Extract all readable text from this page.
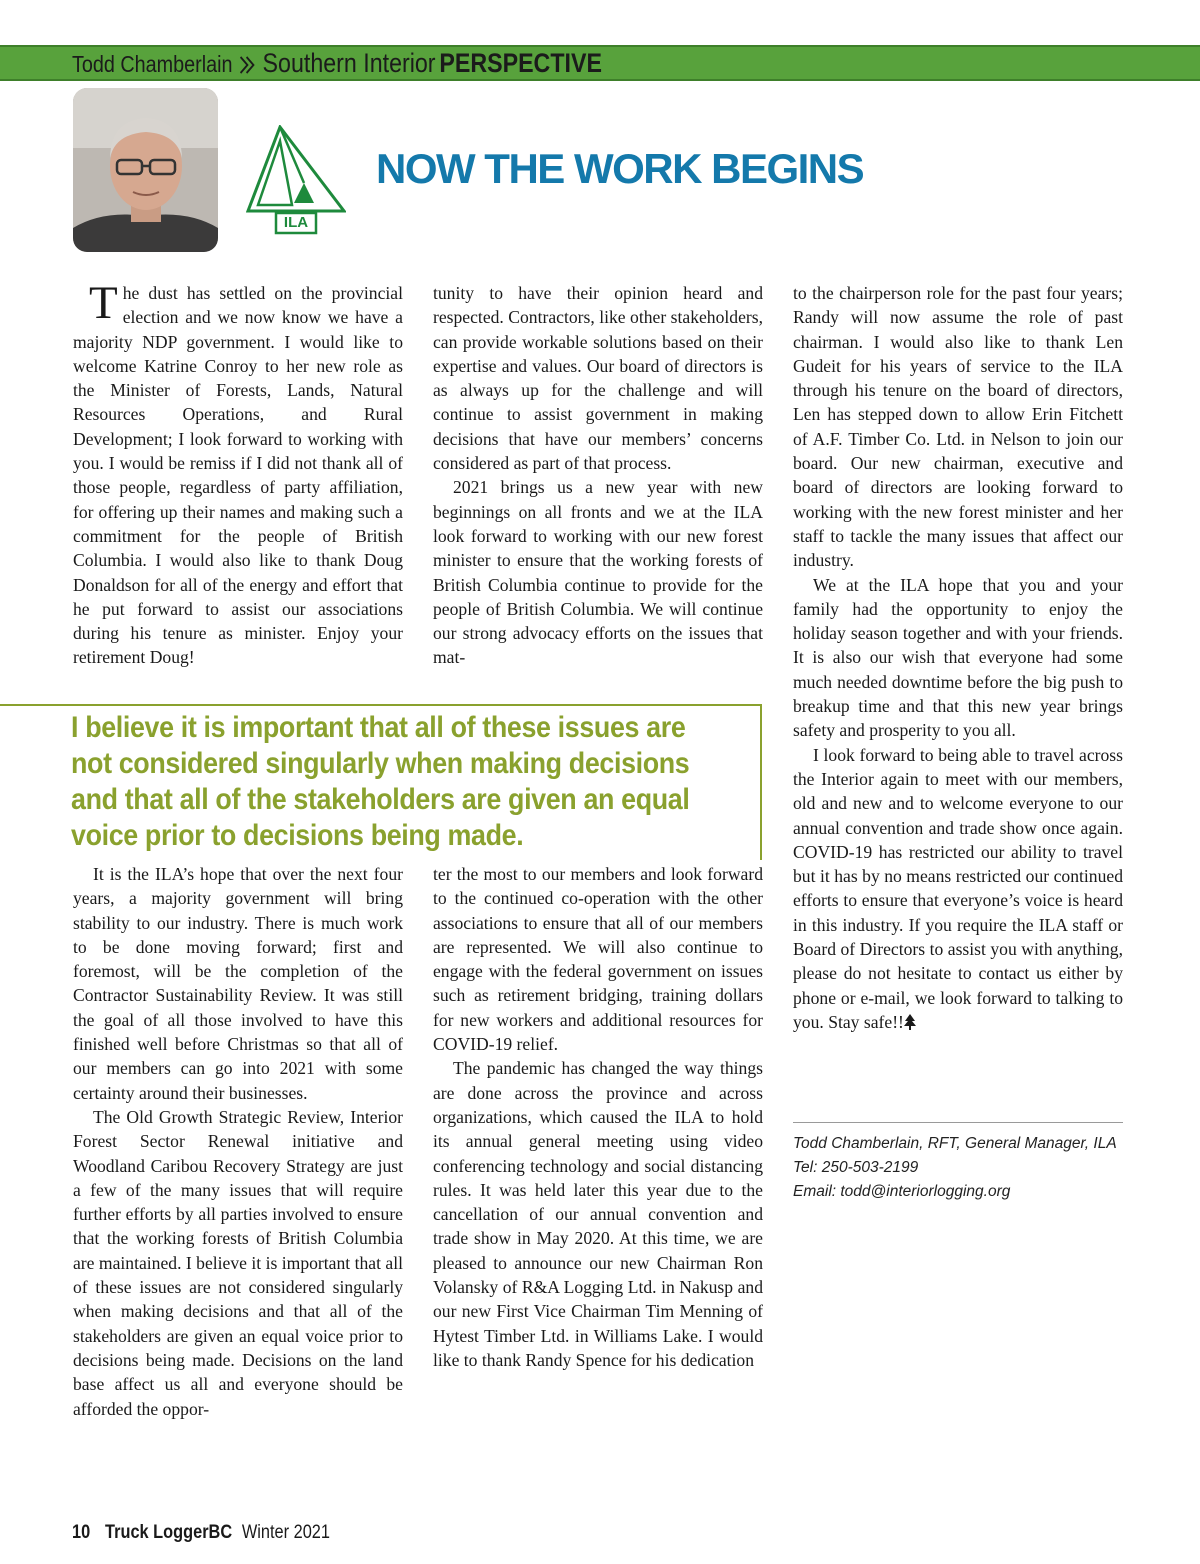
Todd Chamberlain Southern Interior PERSPECTIVE
ILA
NOW THE WORK BEGINS

The dust has settled on the provincial election and we now know we have a majority NDP government. I would like to welcome Katrine Conroy to her new role as the Minister of Forests, Lands, Natural Resources Operations, and Rural Development; I look forward to working with you. I would be remiss if I did not thank all of those people, regardless of party affiliation, for offering up their names and making such a commitment for the people of British Columbia. I would also like to thank Doug Donaldson for all of the energy and effort that he put forward to assist our associations during his tenure as minister. Enjoy your retirement Doug!

tunity to have their opinion heard and respected. Contractors, like other stakeholders, can provide workable solutions based on their expertise and values. Our board of directors is as always up for the challenge and will continue to assist government in making decisions that have our members’ concerns considered as part of that process.

2021 brings us a new year with new beginnings on all fronts and we at the ILA look forward to working with our new forest minister to ensure that the working forests of British Columbia continue to provide for the people of British Columbia. We will continue our strong advocacy efforts on the issues that mat-

I believe it is important that all of these issues are not considered singularly when making decisions and that all of the stakeholders are given an equal voice prior to decisions being made.

It is the ILA’s hope that over the next four years, a majority government will bring stability to our industry. There is much work to be done moving forward; first and foremost, will be the completion of the Contractor Sustainability Review. It was still the goal of all those involved to have this finished well before Christmas so that all of our members can go into 2021 with some certainty around their businesses.

The Old Growth Strategic Review, Interior Forest Sector Renewal initiative and Woodland Caribou Recovery Strategy are just a few of the many issues that will require further efforts by all parties involved to ensure that the working forests of British Columbia are maintained. I believe it is important that all of these issues are not considered singularly when making decisions and that all of the stakeholders are given an equal voice prior to decisions being made. Decisions on the land base affect us all and everyone should be afforded the oppor-

ter the most to our members and look forward to the continued co-operation with the other associations to ensure that all of our members are represented. We will also continue to engage with the federal government on issues such as retirement bridging, training dollars for new workers and additional resources for COVID-19 relief.

The pandemic has changed the way things are done across the province and across organizations, which caused the ILA to hold its annual general meeting using video conferencing technology and social distancing rules. It was held later this year due to the cancellation of our annual convention and trade show in May 2020. At this time, we are pleased to announce our new Chairman Ron Volansky of R&A Logging Ltd. in Nakusp and our new First Vice Chairman Tim Menning of Hytest Timber Ltd. in Williams Lake. I would like to thank Randy Spence for his dedication

to the chairperson role for the past four years; Randy will now assume the role of past chairman. I would also like to thank Len Gudeit for his years of service to the ILA through his tenure on the board of directors, Len has stepped down to allow Erin Fitchett of A.F. Timber Co. Ltd. in Nelson to join our board. Our new chairman, executive and board of directors are looking forward to working with the new forest minister and her staff to tackle the many issues that affect our industry.

We at the ILA hope that you and your family had the opportunity to enjoy the holiday season together and with your friends. It is also our wish that everyone had some much needed downtime before the big push to breakup time and that this new year brings safety and prosperity to you all.

I look forward to being able to travel across the Interior again to meet with our members, old and new and to welcome everyone to our annual convention and trade show once again. COVID-19 has restricted our ability to travel but it has by no means restricted our continued efforts to ensure that everyone’s voice is heard in this industry. If you require the ILA staff or Board of Directors to assist you with anything, please do not hesitate to contact us either by phone or e-mail, we look forward to talking to you. Stay safe!!

Todd Chamberlain, RFT, General Manager, ILA
Tel: 250-503-2199
Email: todd@interiorlogging.org
10 Truck LoggerBC Winter 2021
